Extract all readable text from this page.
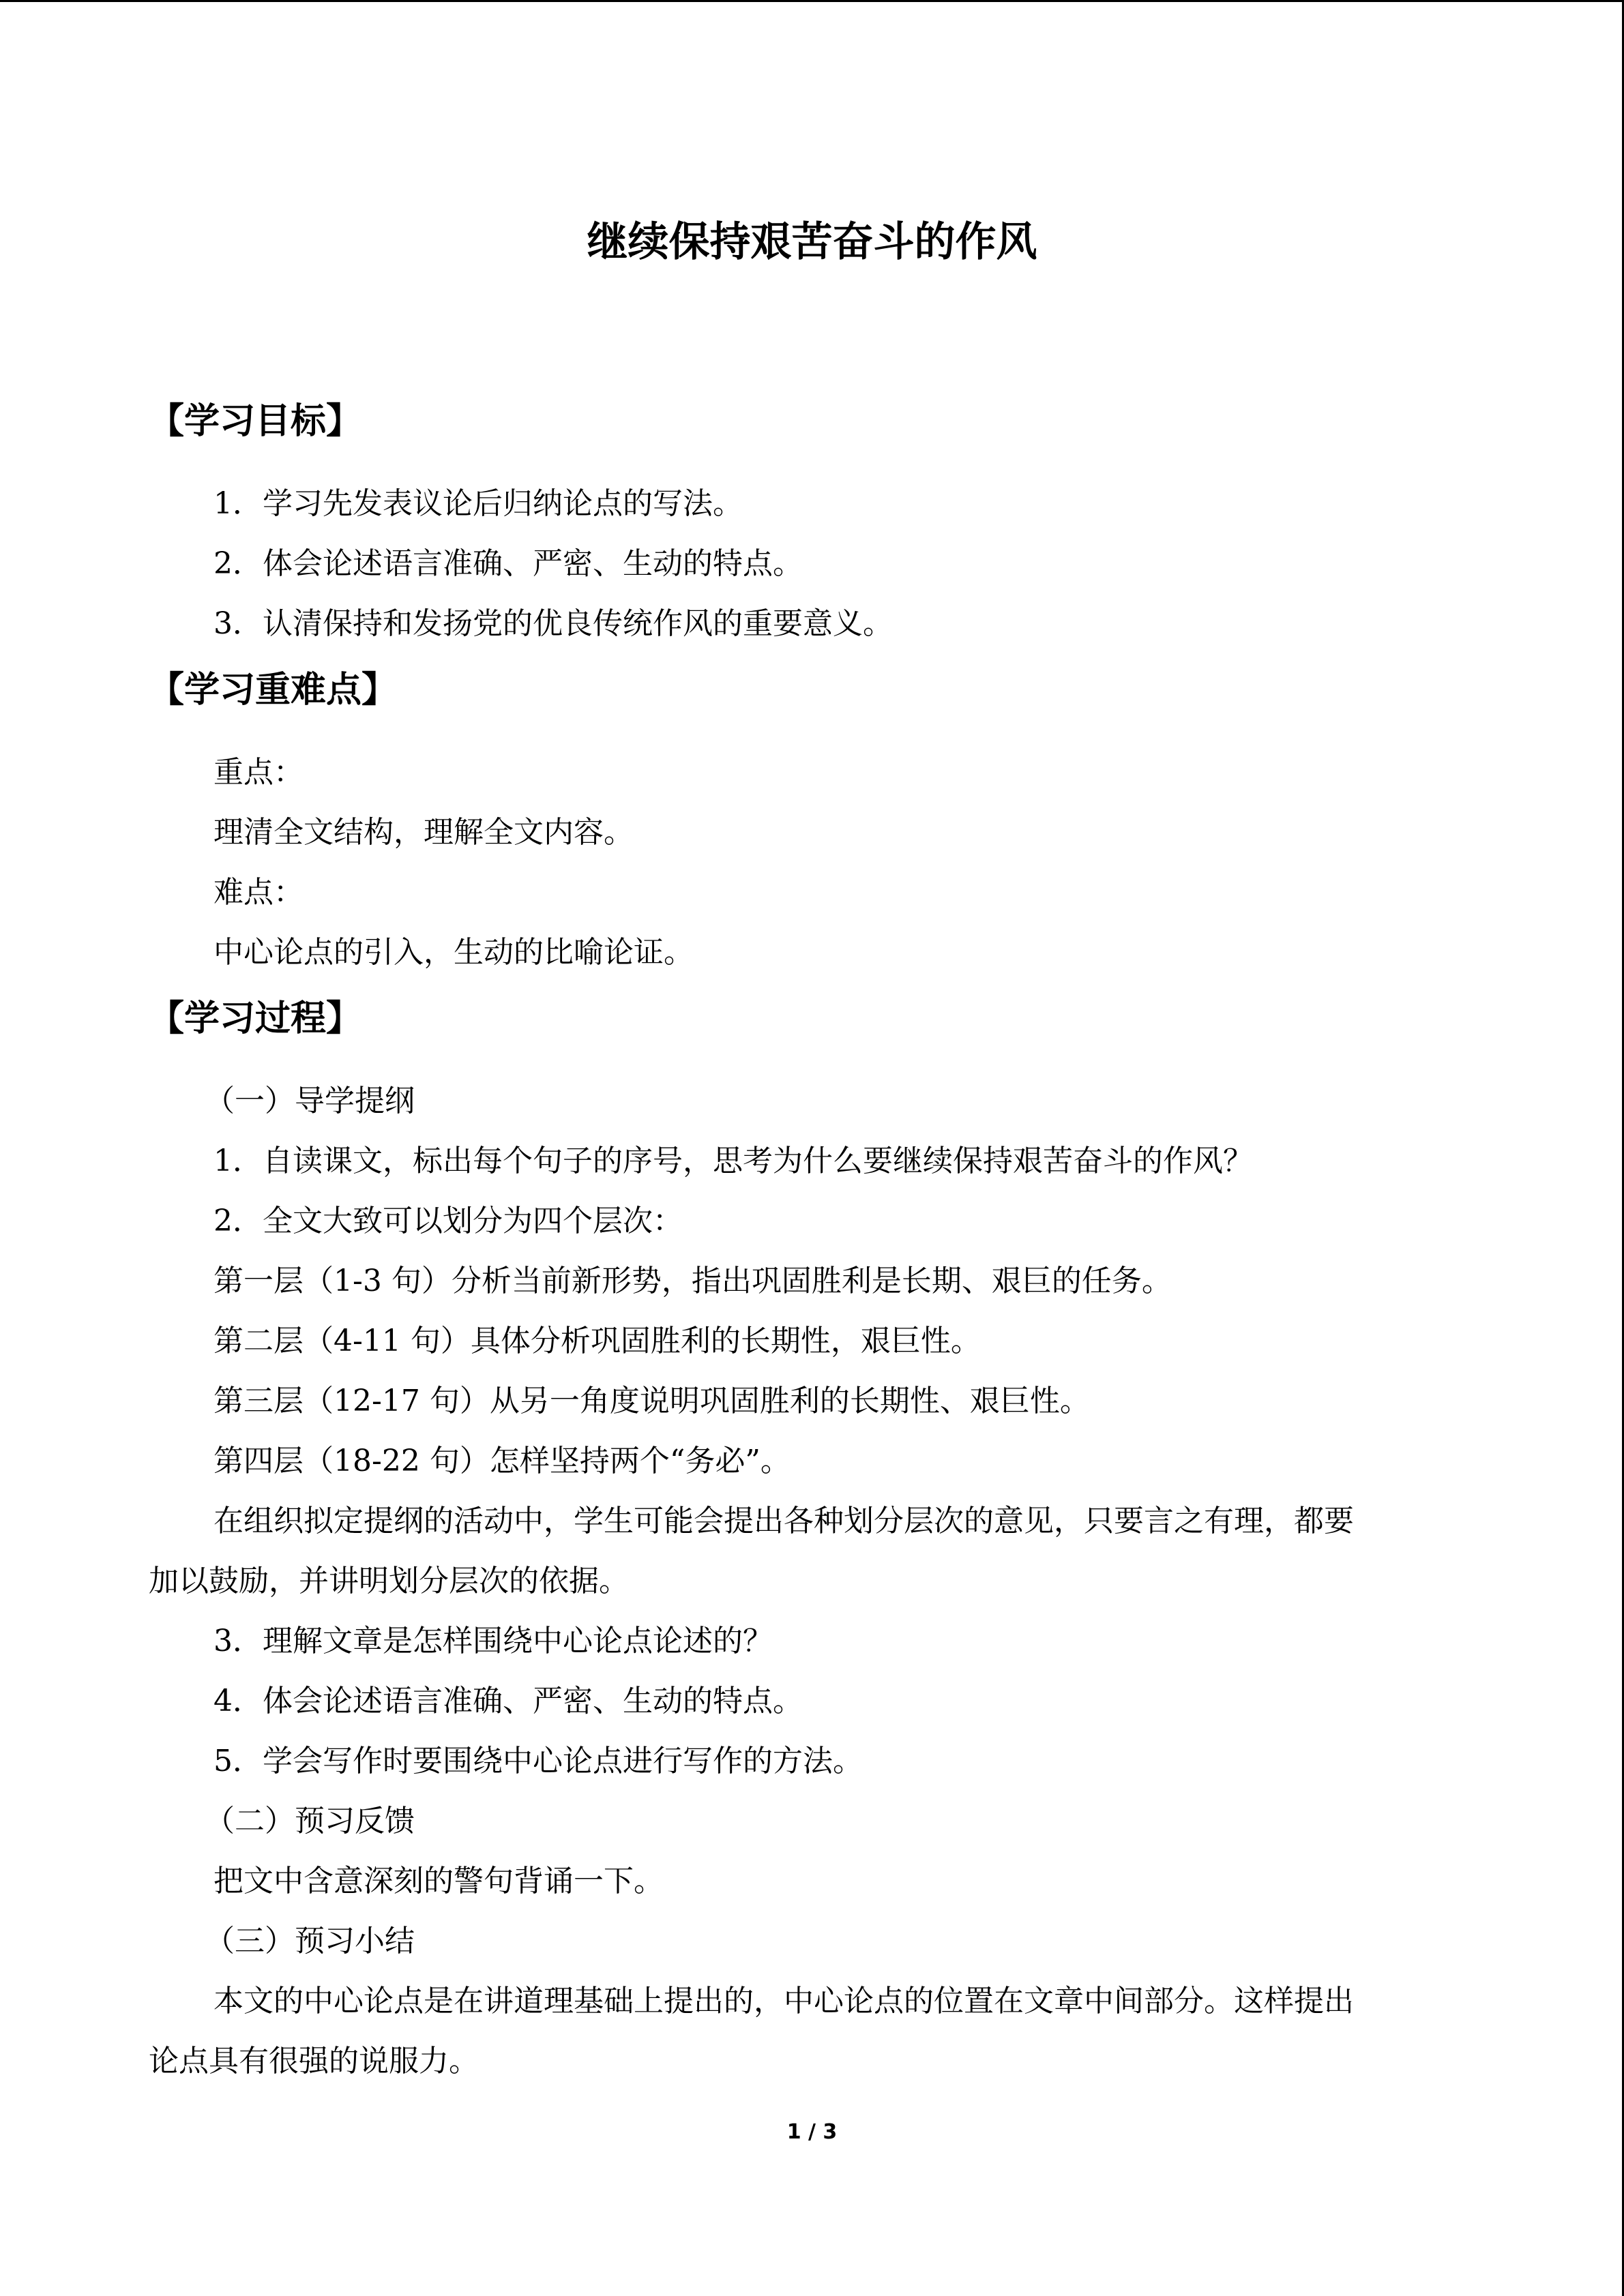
继续保持艰苦奋斗的作风
【学习目标】
1．学习先发表议论后归纳论点的写法。
2．体会论述语言准确、严密、生动的特点。
3．认清保持和发扬党的优良传统作风的重要意义。
【学习重难点】
重点：
理清全文结构，理解全文内容。
难点：
中心论点的引入，生动的比喻论证。
【学习过程】
（一）导学提纲
1．自读课文，标出每个句子的序号，思考为什么要继续保持艰苦奋斗的作风？
2．全文大致可以划分为四个层次：
第一层（1-3 句）分析当前新形势，指出巩固胜利是长期、艰巨的任务。
第二层（4-11 句）具体分析巩固胜利的长期性，艰巨性。
第三层（12-17 句）从另一角度说明巩固胜利的长期性、艰巨性。
第四层（18-22 句）怎样坚持两个“务必”。
在组织拟定提纲的活动中，学生可能会提出各种划分层次的意见，只要言之有理，都要
加以鼓励，并讲明划分层次的依据。
3．理解文章是怎样围绕中心论点论述的？
4．体会论述语言准确、严密、生动的特点。
5．学会写作时要围绕中心论点进行写作的方法。
（二）预习反馈
把文中含意深刻的警句背诵一下。
（三）预习小结
本文的中心论点是在讲道理基础上提出的，中心论点的位置在文章中间部分。这样提出
论点具有很强的说服力。
1 / 3
